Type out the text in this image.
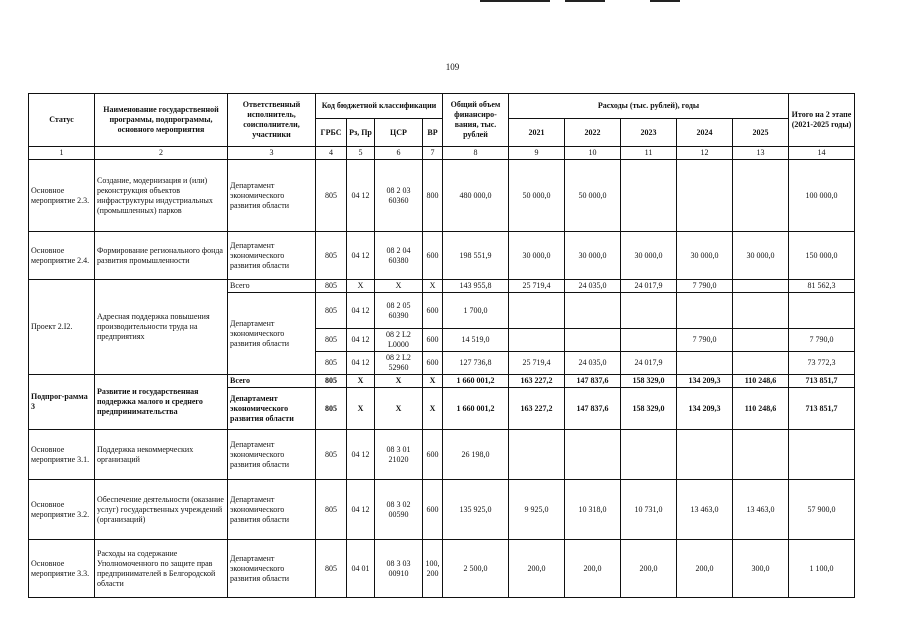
109
Статус	Наименование государственной программы, подпрограммы, основного мероприятия	Ответственный исполнитель, соисполнители, участники	Код бюджетной классификации				Общий объем финансиро-вания, тыс. рублей	Расходы (тыс. рублей), годы					Итого на 2 этапе (2021-2025 годы)
			ГРБС	Рз, Пр	ЦСР	ВР		2021	2022	2023	2024	2025	
1	2	3	4	5	6	7	8	9	10	11	12	13	14
Основное мероприятие 2.3.	Создание, модернизация и (или) реконструкция объектов инфраструктуры индустриальных (промышленных) парков	Департамент экономического развития области	805	04 12	08 2 03 60360	800	480 000,0	50 000,0	50 000,0				100 000,0
Основное мероприятие 2.4.	Формирование регионального фонда развития промышленности	Департамент экономического развития области	805	04 12	08 2 04 60380	600	198 551,9	30 000,0	30 000,0	30 000,0	30 000,0	30 000,0	150 000,0
Проект 2.I2.	Адресная поддержка повышения производительности труда на предприятиях	Всего	805	X	X	X	143 955,8	25 719,4	24 035,0	24 017,9	7 790,0		81 562,3
		Департамент экономического развития области	805	04 12	08 2 05 60390	600	1 700,0						
			805	04 12	08 2 L2 L0000	600	14 519,0				7 790,0		7 790,0
			805	04 12	08 2 L2 52960	600	127 736,8	25 719,4	24 035,0	24 017,9			73 772,3
Подпрог-рамма 3	Развитие и государственная поддержка малого и среднего предпринимательства	Всего	805	X	X	X	1 660 001,2	163 227,2	147 837,6	158 329,0	134 209,3	110 248,6	713 851,7
		Департамент экономического развития области	805	X	X	X	1 660 001,2	163 227,2	147 837,6	158 329,0	134 209,3	110 248,6	713 851,7
Основное мероприятие 3.1.	Поддержка некоммерческих организаций	Департамент экономического развития области	805	04 12	08 3 01 21020	600	26 198,0						
Основное мероприятие 3.2.	Обеспечение деятельности (оказание услуг) государственных учреждений (организаций)	Департамент экономического развития области	805	04 12	08 3 02 00590	600	135 925,0	9 925,0	10 318,0	10 731,0	13 463,0	13 463,0	57 900,0
Основное мероприятие 3.3.	Расходы на содержание Уполномоченного по защите прав предпринимателей в Белгородской области	Департамент экономического развития области	805	04 01	08 3 03 00910	100, 200	2 500,0	200,0	200,0	200,0	200,0	300,0	1 100,0
